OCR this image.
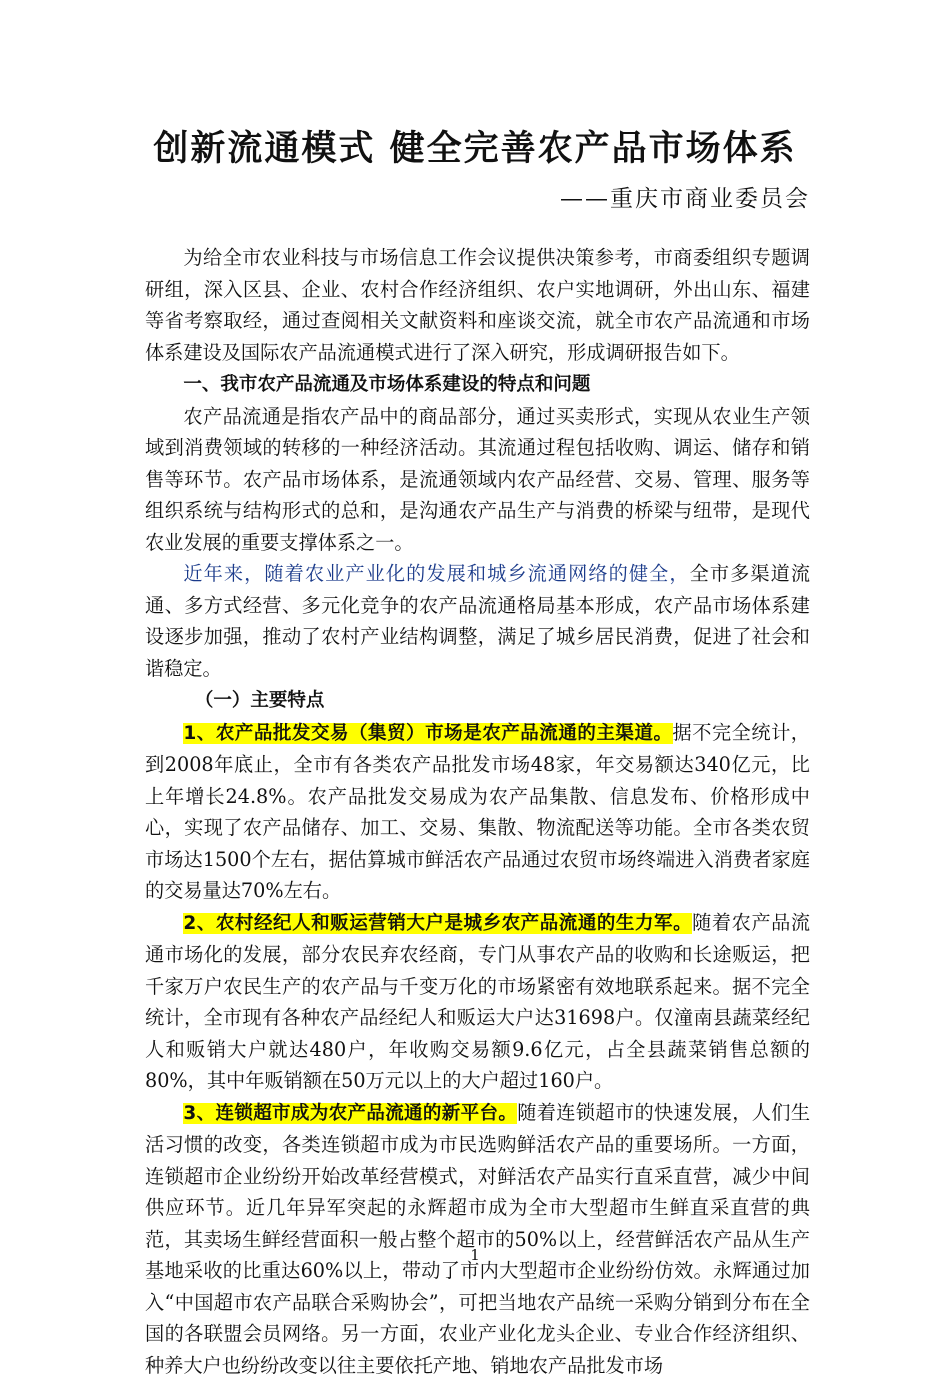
创新流通模式 健全完善农产品市场体系
——重庆市商业委员会

为给全市农业科技与市场信息工作会议提供决策参考，市商委组织专题调研组，深入区县、企业、农村合作经济组织、农户实地调研，外出山东、福建等省考察取经，通过查阅相关文献资料和座谈交流，就全市农产品流通和市场体系建设及国际农产品流通模式进行了深入研究，形成调研报告如下。

一、我市农产品流通及市场体系建设的特点和问题

农产品流通是指农产品中的商品部分，通过买卖形式，实现从农业生产领域到消费领域的转移的一种经济活动。其流通过程包括收购、调运、储存和销售等环节。农产品市场体系，是流通领域内农产品经营、交易、管理、服务等组织系统与结构形式的总和，是沟通农产品生产与消费的桥梁与纽带，是现代农业发展的重要支撑体系之一。

近年来，随着农业产业化的发展和城乡流通网络的健全，全市多渠道流通、多方式经营、多元化竞争的农产品流通格局基本形成，农产品市场体系建设逐步加强，推动了农村产业结构调整，满足了城乡居民消费，促进了社会和谐稳定。

（一）主要特点

1、农产品批发交易（集贸）市场是农产品流通的主渠道。据不完全统计，到2008年底止，全市有各类农产品批发市场48家，年交易额达340亿元，比上年增长24.8%。农产品批发交易成为农产品集散、信息发布、价格形成中心，实现了农产品储存、加工、交易、集散、物流配送等功能。全市各类农贸市场达1500个左右，据估算城市鲜活农产品通过农贸市场终端进入消费者家庭的交易量达70%左右。

2、农村经纪人和贩运营销大户是城乡农产品流通的生力军。随着农产品流通市场化的发展，部分农民弃农经商，专门从事农产品的收购和长途贩运，把千家万户农民生产的农产品与千变万化的市场紧密有效地联系起来。据不完全统计，全市现有各种农产品经纪人和贩运大户达31698户。仅潼南县蔬菜经纪人和贩销大户就达480户，年收购交易额9.6亿元，占全县蔬菜销售总额的80%，其中年贩销额在50万元以上的大户超过160户。

3、连锁超市成为农产品流通的新平台。随着连锁超市的快速发展，人们生活习惯的改变，各类连锁超市成为市民选购鲜活农产品的重要场所。一方面，连锁超市企业纷纷开始改革经营模式，对鲜活农产品实行直采直营，减少中间供应环节。近几年异军突起的永辉超市成为全市大型超市生鲜直采直营的典范，其卖场生鲜经营面积一般占整个超市的50%以上，经营鲜活农产品从生产基地采收的比重达60%以上，带动了市内大型超市企业纷纷仿效。永辉通过加入“中国超市农产品联合采购协会”，可把当地农产品统一采购分销到分布在全国的各联盟会员网络。另一方面，农业产业化龙头企业、专业合作经济组织、种养大户也纷纷改变以往主要依托产地、销地农产品批发市场

1
